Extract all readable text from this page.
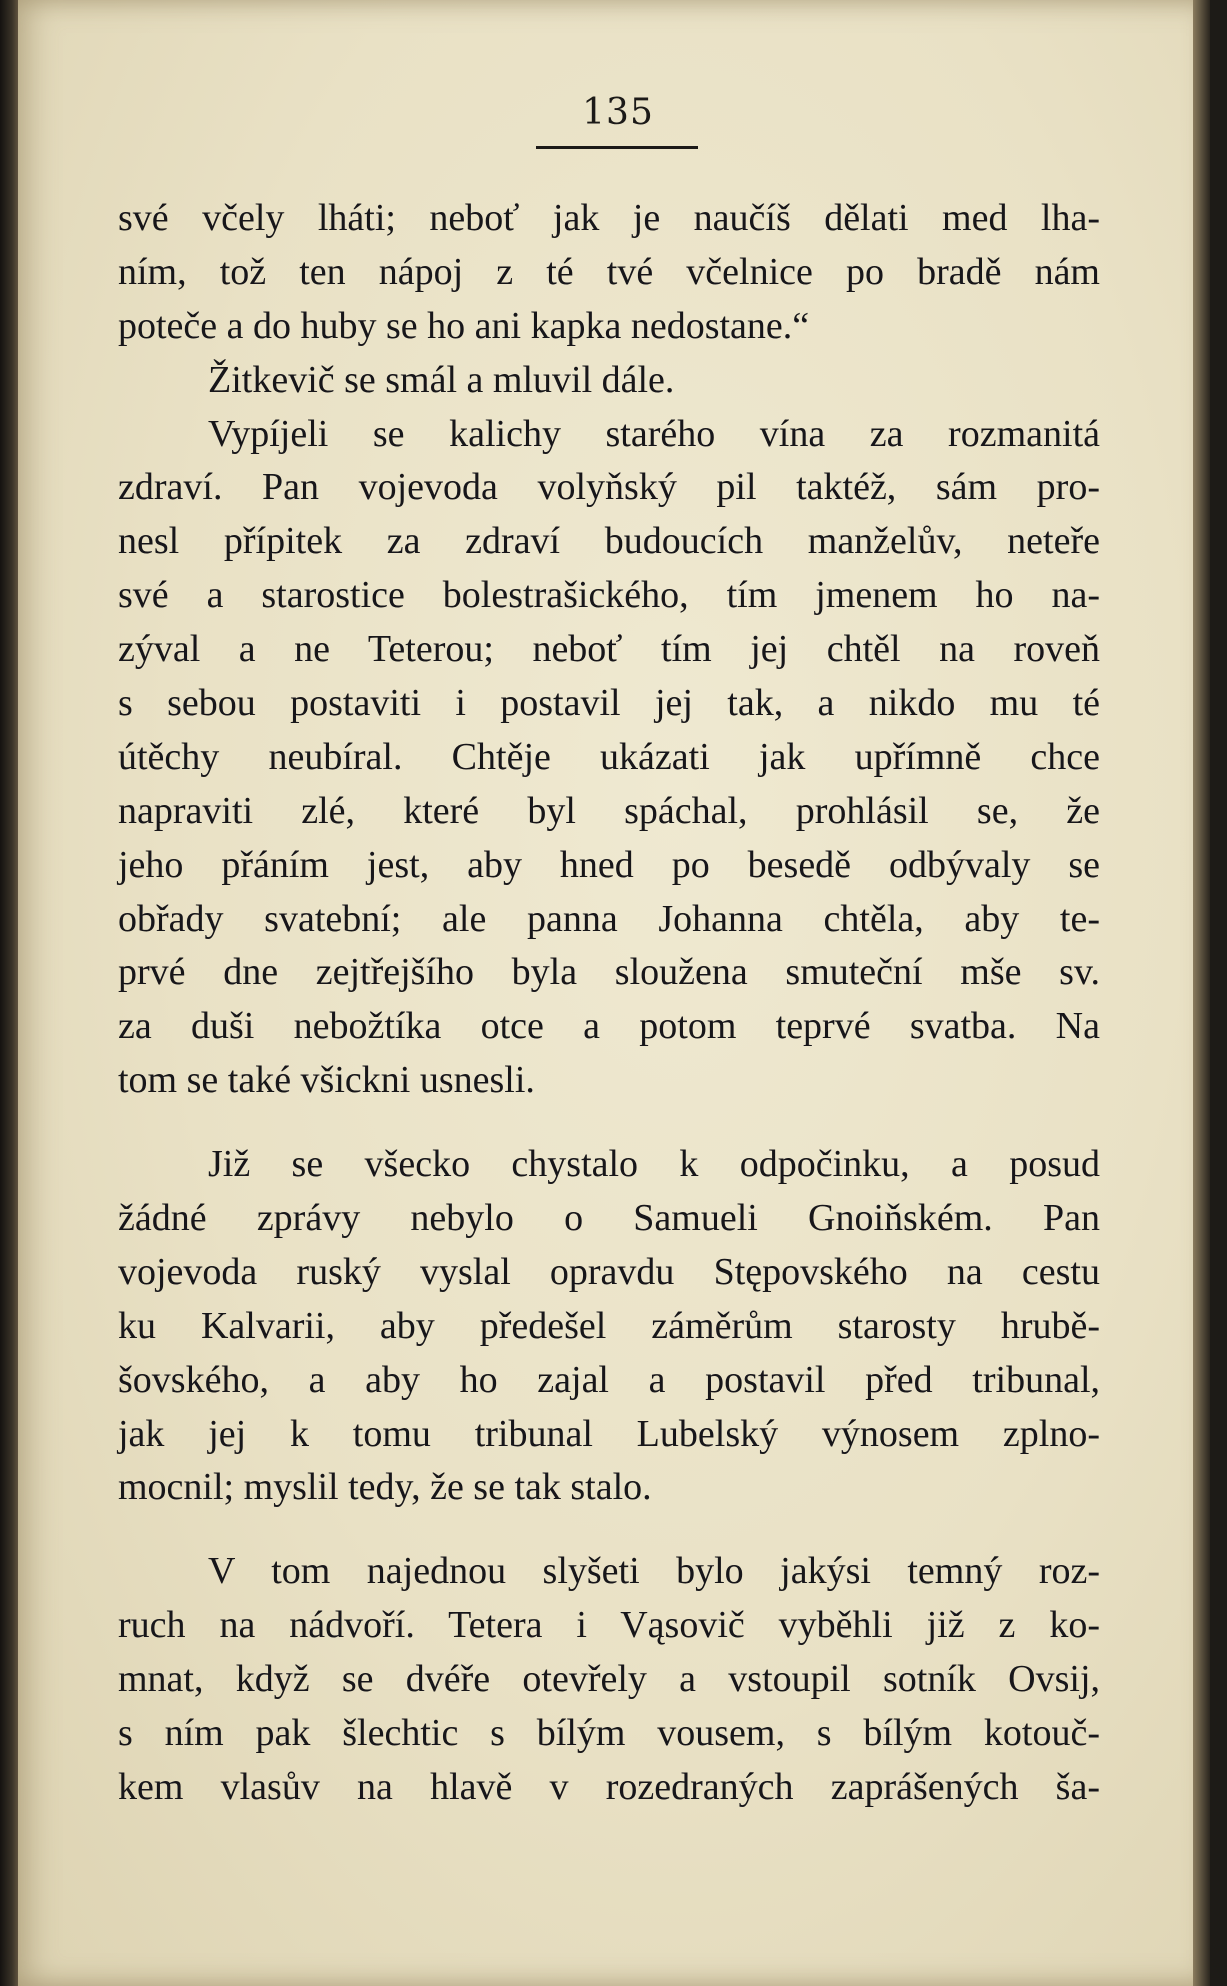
135
své včely lháti; neboť jak je naučíš dělati med lha-
ním, tož ten nápoj z té tvé včelnice po bradě nám
poteče a do huby se ho ani kapka nedostane.“
Žitkevič se smál a mluvil dále.
Vypíjeli se kalichy starého vína za rozmanitá
zdraví. Pan vojevoda volyňský pil taktéž, sám pro-
nesl přípitek za zdraví budoucích manželův, neteře
své a starostice bolestrašického, tím jmenem ho na-
zýval a ne Teterou; neboť tím jej chtěl na roveň
s sebou postaviti i postavil jej tak, a nikdo mu té
útěchy neubíral. Chtěje ukázati jak upřímně chce
napraviti zlé, které byl spáchal, prohlásil se, že
jeho přáním jest, aby hned po besedě odbývaly se
obřady svatební; ale panna Johanna chtěla, aby te-
prvé dne zejtřejšího byla sloužena smuteční mše sv.
za duši nebožtíka otce a potom teprvé svatba. Na
tom se také všickni usnesli.
Již se všecko chystalo k odpočinku, a posud
žádné zprávy nebylo o Samueli Gnoiňském. Pan
vojevoda ruský vyslal opravdu Stępovského na cestu
ku Kalvarii, aby předešel záměrům starosty hrubě-
šovského, a aby ho zajal a postavil před tribunal,
jak jej k tomu tribunal Lubelský výnosem zplno-
mocnil; myslil tedy, že se tak stalo.
V tom najednou slyšeti bylo jakýsi temný roz-
ruch na nádvoří. Tetera i Vąsovič vyběhli již z ko-
mnat, když se dvéře otevřely a vstoupil sotník Ovsij,
s ním pak šlechtic s bílým vousem, s bílým kotouč-
kem vlasův na hlavě v rozedraných zaprášených ša-
